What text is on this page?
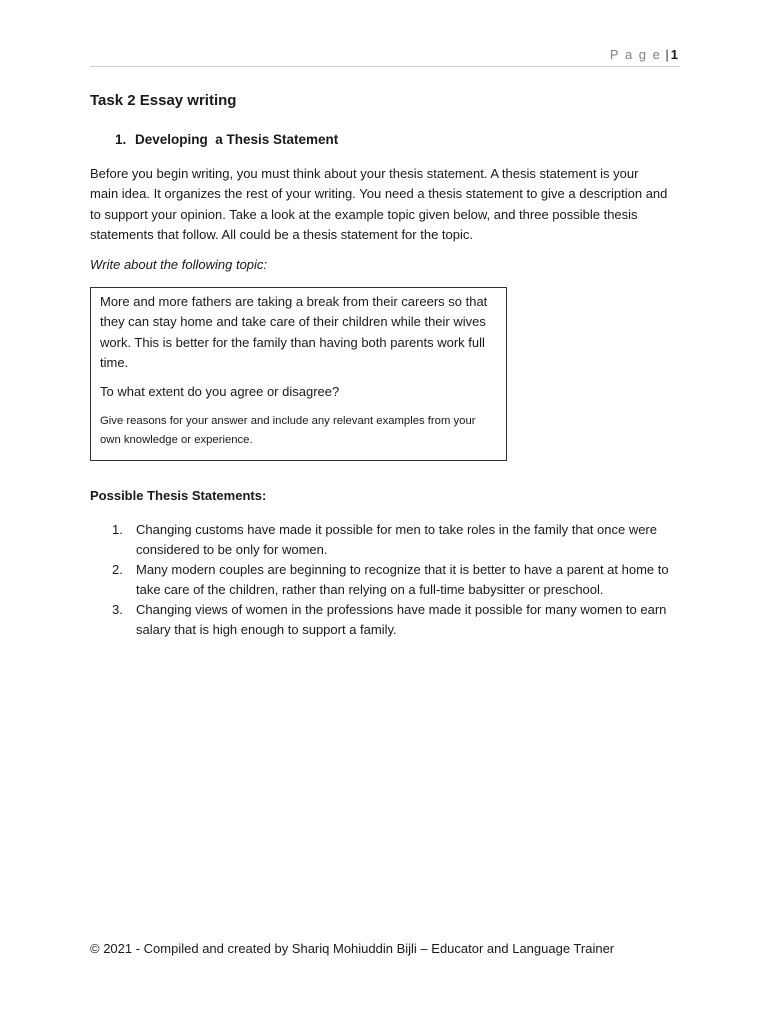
P a g e | 1
Task 2 Essay writing
1. Developing  a Thesis Statement

Before you begin writing, you must think about your thesis statement. A thesis statement is your main idea. It organizes the rest of your writing. You need a thesis statement to give a description and to support your opinion. Take a look at the example topic given below, and three possible thesis statements that follow. All could be a thesis statement for the topic.

Write about the following topic:

More and more fathers are taking a break from their careers so that they can stay home and take care of their children while their wives work. This is better for the family than having both parents work full time.

To what extent do you agree or disagree?

Give reasons for your answer and include any relevant examples from your own knowledge or experience.

Possible Thesis Statements:

1. Changing customs have made it possible for men to take roles in the family that once were considered to be only for women.
2. Many modern couples are beginning to recognize that it is better to have a parent at home to take care of the children, rather than relying on a full-time babysitter or preschool.
3. Changing views of women in the professions have made it possible for many women to earn salary that is high enough to support a family.

© 2021 - Compiled and created by Shariq Mohiuddin Bijli – Educator and Language Trainer
